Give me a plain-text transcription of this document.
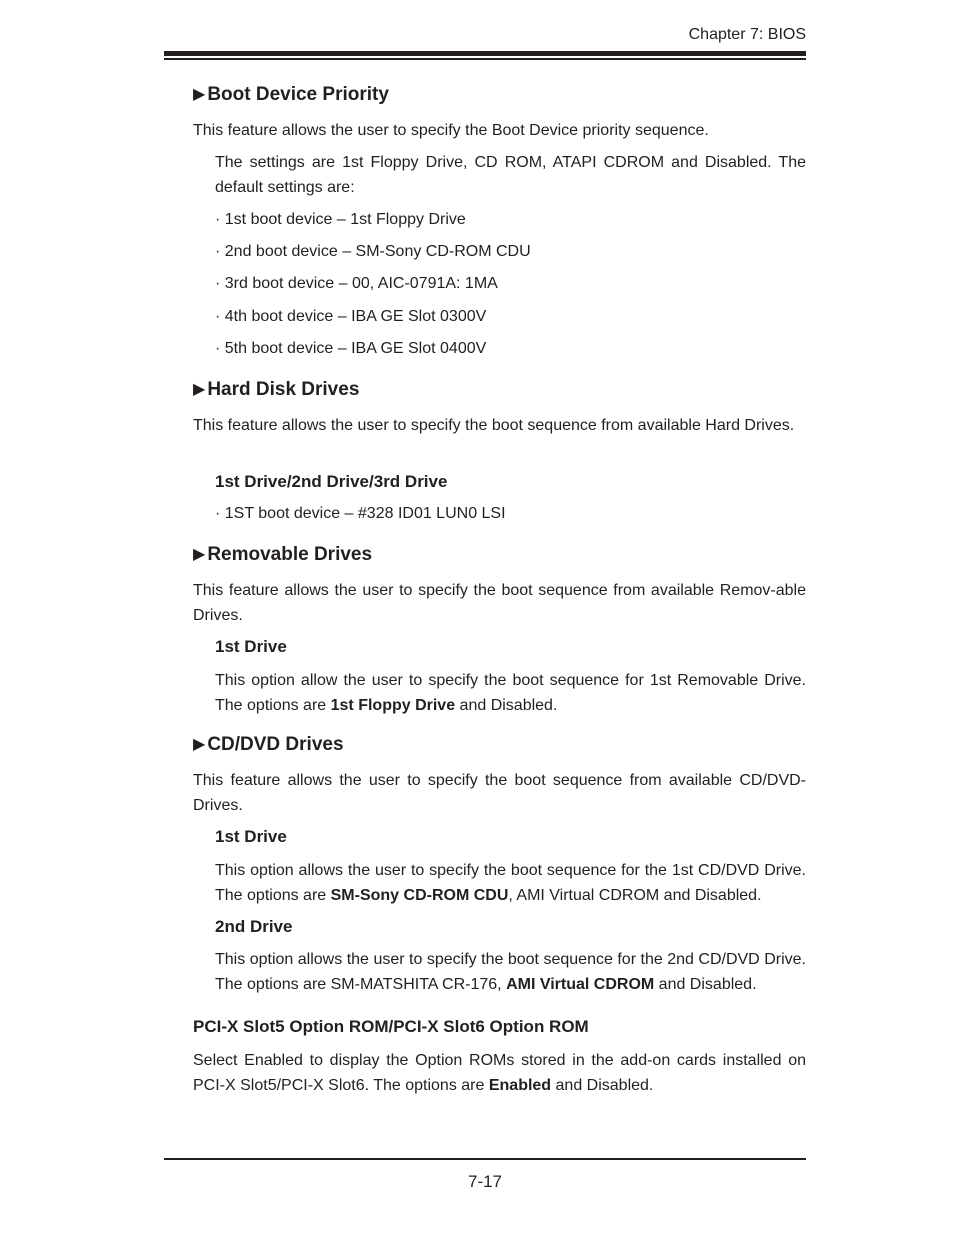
Chapter 7: BIOS
▶ Boot Device Priority
This feature allows the user to specify the Boot Device priority sequence.
The settings are 1st Floppy Drive, CD ROM, ATAPI CDROM and Disabled. The default settings are:
· 1st boot device – 1st Floppy Drive
· 2nd boot device – SM-Sony CD-ROM CDU
· 3rd boot device – 00, AIC-0791A: 1MA
· 4th boot device – IBA GE Slot 0300V
· 5th boot device – IBA GE Slot 0400V
▶ Hard Disk Drives
This feature allows the user to specify the boot sequence from available Hard Drives.
1st Drive/2nd Drive/3rd Drive
· 1ST boot device – #328 ID01 LUN0 LSI
▶ Removable Drives
This feature allows the user to specify the boot sequence from available Remov-able Drives.
1st Drive
This option allow the user to specify the boot sequence for 1st Removable Drive. The options are 1st Floppy Drive and Disabled.
▶ CD/DVD Drives
This feature allows the user to specify the boot sequence from available CD/DVD-Drives.
1st Drive
This option allows the user to specify the boot sequence for the 1st CD/DVD Drive. The options are SM-Sony CD-ROM CDU, AMI Virtual CDROM and Disabled.
2nd Drive
This option allows the user to specify the boot sequence for the 2nd CD/DVD Drive. The options are SM-MATSHITA CR-176, AMI Virtual CDROM and Disabled.
PCI-X Slot5 Option ROM/PCI-X Slot6 Option ROM
Select Enabled to display the Option ROMs stored in the add-on cards installed on PCI-X Slot5/PCI-X Slot6. The options are Enabled and Disabled.
7-17
